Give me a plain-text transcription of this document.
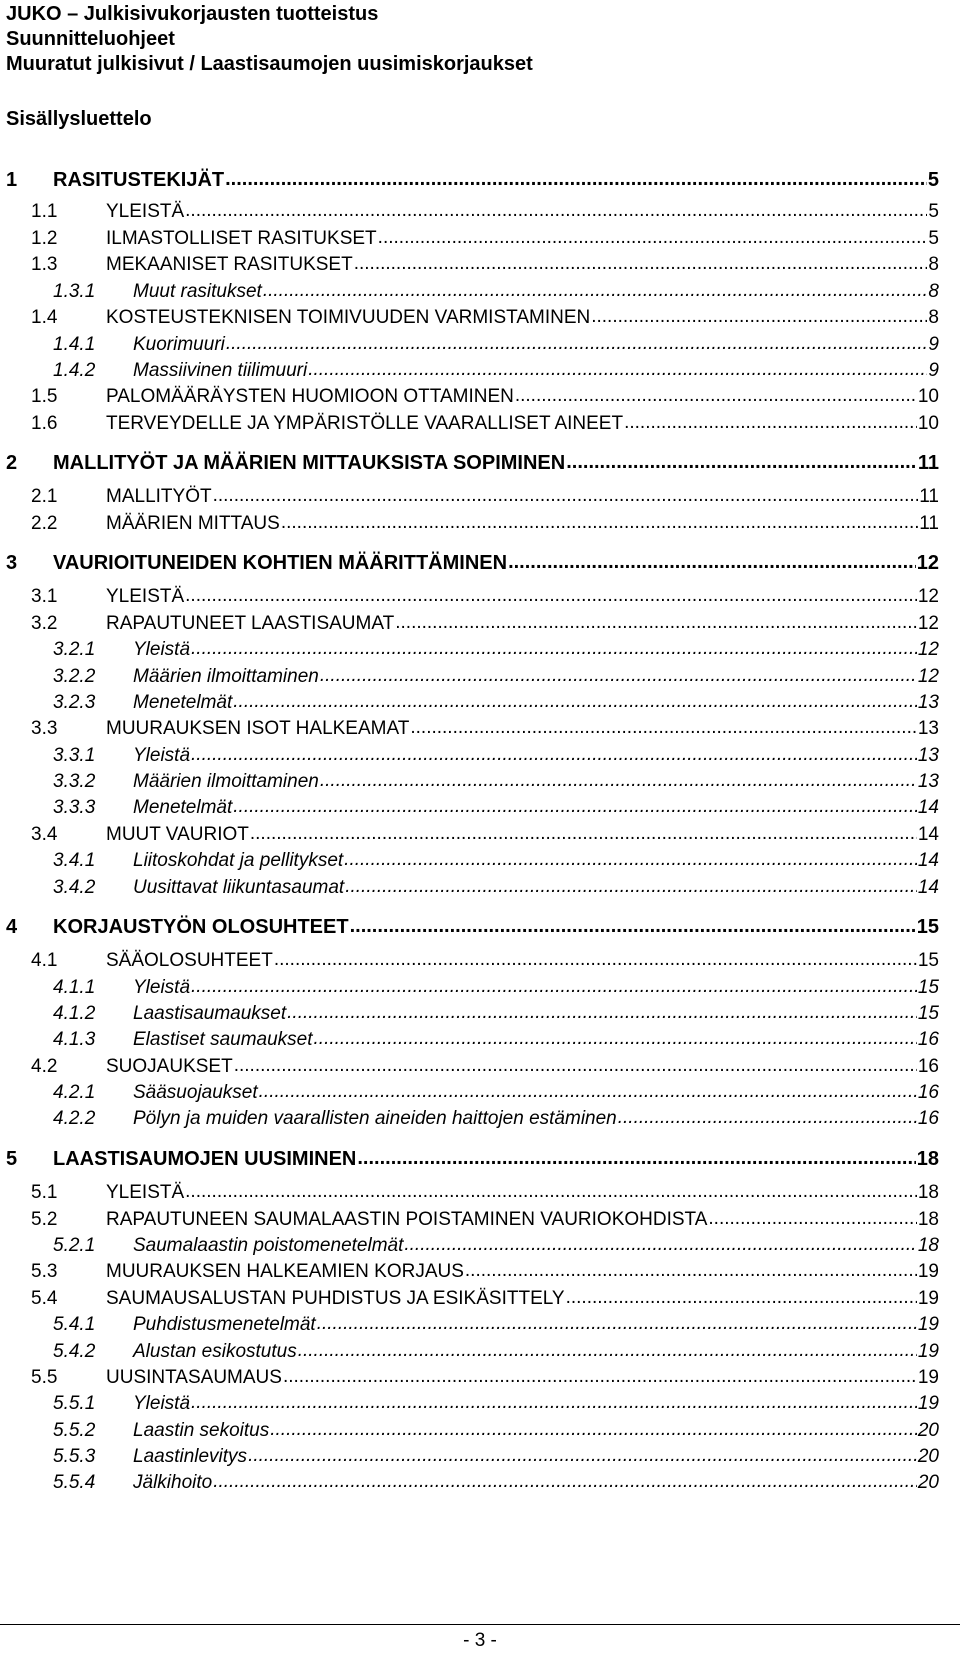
JUKO – Julkisivukorjausten tuotteistus
Suunnitteluohjeet
Muuratut julkisivut / Laastisaumojen uusimiskorjaukset
Sisällysluettelo
1 RASITUSTEKIJÄT .....	5
1.1	YLEISTÄ .....	5
1.2	ILMASTOLLISET RASITUKSET .....	5
1.3	MEKAANISET RASITUKSET .....	8
1.3.1 Muut rasitukset .....	8
1.4	KOSTEUSTEKNISEN TOIMIVUUDEN VARMISTAMINEN .....	8
1.4.1 Kuorimuuri .....	9
1.4.2 Massiivinen tiilimuuri .....	9
1.5	PALOMÄÄRÄYSTEN HUOMIOON OTTAMINEN .....	10
1.6	TERVEYDELLE JA YMPÄRISTÖLLE VAARALLISET AINEET .....	10
2 MALLITYÖT JA MÄÄRIEN MITTAUKSISTA SOPIMINEN .....	11
2.1	MALLITYÖT .....	11
2.2	MÄÄRIEN MITTAUS .....	11
3 VAURIOITUNEIDEN KOHTIEN MÄÄRITTÄMINEN .....	12
3.1	YLEISTÄ .....	12
3.2	RAPAUTUNEET LAASTISAUMAT .....	12
3.2.1 Yleistä .....	12
3.2.2 Määrien ilmoittaminen .....	12
3.2.3 Menetelmät .....	13
3.3	MUURAUKSEN ISOT HALKEAMAT .....	13
3.3.1 Yleistä .....	13
3.3.2 Määrien ilmoittaminen .....	13
3.3.3 Menetelmät .....	14
3.4	MUUT VAURIOT .....	14
3.4.1 Liitoskohdat ja pellitykset .....	14
3.4.2 Uusittavat liikuntasaumat .....	14
4 KORJAUSTYÖN OLOSUHTEET .....	15
4.1	SÄÄOLOSUHTEET .....	15
4.1.1 Yleistä .....	15
4.1.2 Laastisaumaukset .....	15
4.1.3 Elastiset saumaukset .....	16
4.2	SUOJAUKSET .....	16
4.2.1 Sääsuojaukset .....	16
4.2.2 Pölyn ja muiden vaarallisten aineiden haittojen estäminen .....	16
5 LAASTISAUMOJEN UUSIMINEN .....	18
5.1	YLEISTÄ .....	18
5.2	RAPAUTUNEEN SAUMALAASTIN POISTAMINEN VAURIOKOHDISTA .....	18
5.2.1 Saumalaastin poistomenetelmät .....	18
5.3	MUURAUKSEN HALKEAMIEN KORJAUS .....	19
5.4	SAUMAUSALUSTAN PUHDISTUS JA ESIKÄSITTELY .....	19
5.4.1 Puhdistusmenetelmät .....	19
5.4.2 Alustan esikostutus .....	19
5.5	UUSINTASAUMAUS .....	19
5.5.1 Yleistä .....	19
5.5.2 Laastin sekoitus .....	20
5.5.3 Laastinlevitys .....	20
5.5.4 Jälkihoito .....	20
- 3 -
